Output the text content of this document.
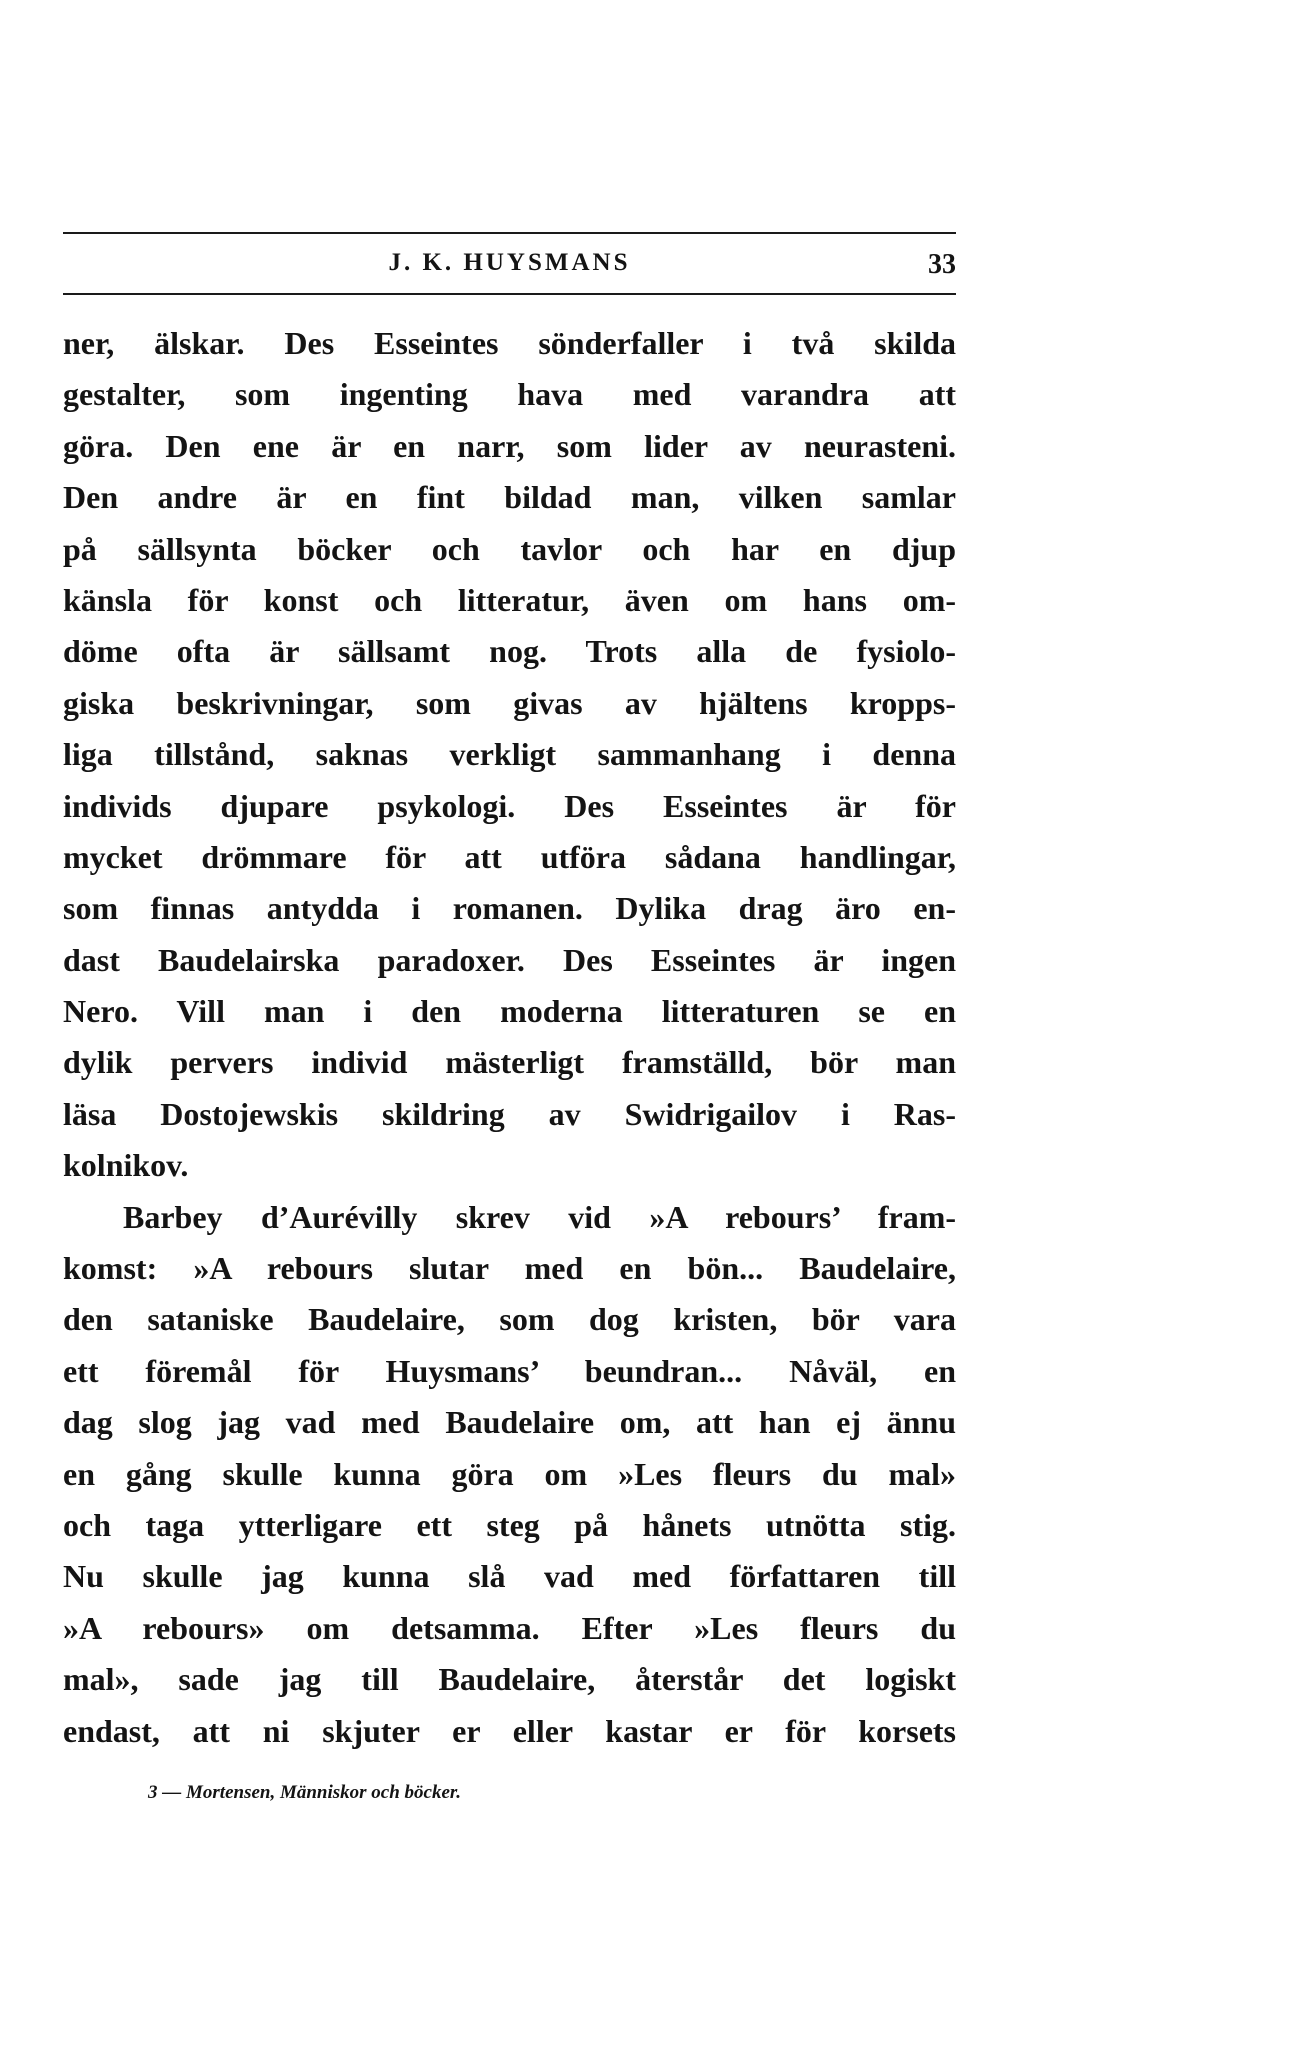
J. K. HUYSMANS	33
ner, älskar. Des Esseintes sönderfaller i två skilda
gestalter, som ingenting hava med varandra att
göra. Den ene är en narr, som lider av neurasteni.
Den andre är en fint bildad man, vilken samlar
på sällsynta böcker och tavlor och har en djup
känsla för konst och litteratur, även om hans om-
döme ofta är sällsamt nog. Trots alla de fysiolo-
giska beskrivningar, som givas av hjältens kropps-
liga tillstånd, saknas verkligt sammanhang i denna
individs djupare psykologi. Des Esseintes är för
mycket drömmare för att utföra sådana handlingar,
som finnas antydda i romanen. Dylika drag äro en-
dast Baudelairska paradoxer. Des Esseintes är ingen
Nero. Vill man i den moderna litteraturen se en
dylik pervers individ mästerligt framställd, bör man
läsa Dostojewskis skildring av Swidrigailov i Ras-
kolnikov.
Barbey d’Aurévilly skrev vid »A rebours’ fram-
komst: »A rebours slutar med en bön... Baudelaire,
den sataniske Baudelaire, som dog kristen, bör vara
ett föremål för Huysmans’ beundran... Nåväl, en
dag slog jag vad med Baudelaire om, att han ej ännu
en gång skulle kunna göra om »Les fleurs du mal»
och taga ytterligare ett steg på hånets utnötta stig.
Nu skulle jag kunna slå vad med författaren till
»A rebours» om detsamma. Efter »Les fleurs du
mal», sade jag till Baudelaire, återstår det logiskt
endast, att ni skjuter er eller kastar er för korsets
3 — Mortensen, Människor och böcker.
